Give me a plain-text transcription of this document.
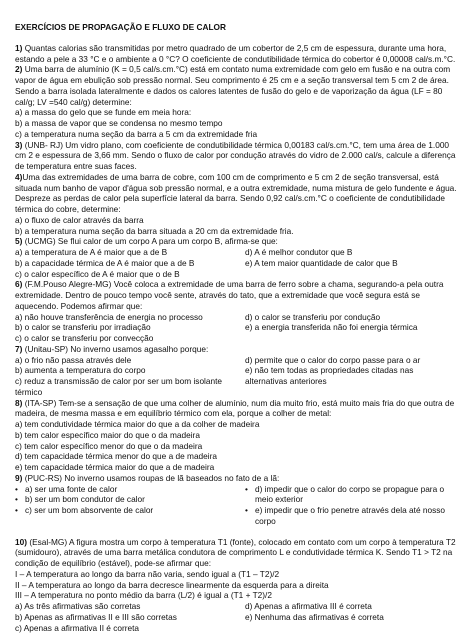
EXERCÍCIOS DE PROPAGAÇÃO E FLUXO DE CALOR

1) Quantas calorias são transmitidas por metro quadrado de um cobertor de 2,5 cm de espessura, durante uma hora, estando a pele a 33 °C e o ambiente a 0 °C? O coeficiente de condutibilidade térmica do cobertor é 0,00008 cal/s.m.°C.

2) Uma barra de alumínio (K = 0,5 cal/s.cm.°C) está em contato numa extremidade com gelo em fusão e na outra com vapor de água em ebulição sob pressão normal. Seu comprimento é 25 cm e a seção transversal tem 5 cm 2 de área. Sendo a barra isolada lateralmente e dados os calores latentes de fusão do gelo e de vaporização da água (LF = 80 cal/g; LV =540 cal/g) determine:

a) a massa do gelo que se funde em meia hora:

b) a massa de vapor que se condensa no mesmo tempo

c) a temperatura numa seção da barra a 5 cm da extremidade fria

3) (UNB- RJ) Um vidro plano, com coeficiente de condutibilidade térmica 0,00183 cal/s.cm.°C, tem uma área de 1.000 cm 2 e espessura de 3,66 mm. Sendo o fluxo de calor por condução através do vidro de 2.000 cal/s, calcule a diferença de temperatura entre suas faces.

4)Uma das extremidades de uma barra de cobre, com 100 cm de comprimento e 5 cm 2 de seção transversal, está situada num banho de vapor d'água sob pressão normal, e a outra extremidade, numa mistura de gelo fundente e água. Despreze as perdas de calor pela superfície lateral da barra. Sendo 0,92 cal/s.cm.°C o coeficiente de condutibilidade térmica do cobre, determine:

a) o fluxo de calor através da barra

b) a temperatura numa seção da barra situada a 20 cm da extremidade fria.

5) (UCMG) Se flui calor de um corpo A para um corpo B, afirma-se que:

a) a temperatura de A é maior que a de B	d) A é melhor condutor que B
b) a capacidade térmica de A é maior que a de B	e) A tem maior quantidade de calor que B
c) o calor específico de A é maior que o de B

6) (F.M.Pouso Alegre-MG) Você coloca a extremidade de uma barra de ferro sobre a chama, segurando-a pela outra extremidade. Dentro de pouco tempo você sente, através do tato, que a extremidade que você segura está se aquecendo. Podemos afirmar que:

a) não houve transferência de energia no processo	d) o calor se transferiu por condução
b) o calor se transferiu por irradiação	e) a energia transferida não foi energia térmica
c) o calor se transferiu por convecção

7) (Unitau-SP) No inverno usamos agasalho porque:

a) o frio não passa através dele	d) permite que o calor do corpo passe para o ar
b) aumenta a temperatura do corpo	e) não tem todas as propriedades citadas nas
c) reduz a transmissão de calor por ser um bom isolante térmico
alternativas anteriores

8) (ITA-SP) Tem-se a sensação de que uma colher de alumínio, num dia muito frio, está muito mais fria do que outra de madeira, de mesma massa e em equilíbrio térmico com ela, porque a colher de metal:

a) tem condutividade térmica maior do que a da colher de madeira

b) tem calor específico maior do que o da madeira

c) tem calor específico menor do que o da madeira

d) tem capacidade térmica menor do que a de madeira

e) tem capacidade térmica maior do que a de madeira

9) (PUC-RS) No inverno usamos roupas de lã baseados no fato de a lã:

• a) ser uma fonte de calor	• d) impedir que o calor do corpo se propague para o
• b) ser um bom condutor de calor	meio exterior
• c) ser um bom absorvente de calor	• e) impedir que o frio penetre através dela até nosso
corpo

10) (Esal-MG) A figura mostra um corpo à temperatura T1 (fonte), colocado em contato com um corpo à temperatura T2 (sumidouro), através de uma barra metálica condutora de comprimento L e condutividade térmica K. Sendo T1 > T2 na condição de equilíbrio (estável), pode-se afirmar que:

I – A temperatura ao longo da barra não varia, sendo igual a (T1 – T2)/2

II – A temperatura ao longo da barra decresce linearmente da esquerda para a direita

III – A temperatura no ponto médio da barra (L/2) é igual a (T1 + T2)/2

a) As três afirmativas são corretas	d) Apenas a afirmativa III é correta
b) Apenas as afirmativas II e III são corretas	e) Nenhuma das afirmativas é correta
c) Apenas a afirmativa II é correta
